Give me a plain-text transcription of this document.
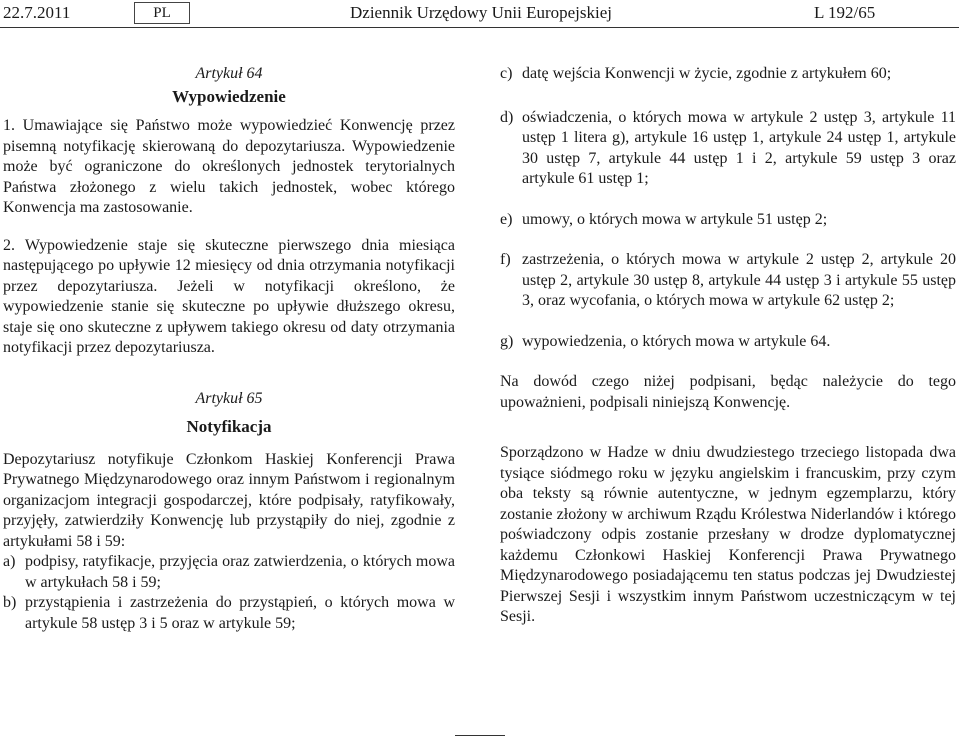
22.7.2011	PL	Dziennik Urzędowy Unii Europejskiej	L 192/65

Artykuł 64

Wypowiedzenie

1. Umawiające się Państwo może wypowiedzieć Konwencję przez pisemną notyfikację skierowaną do depozytariusza. Wypowiedzenie może być ograniczone do określonych jednostek terytorialnych Państwa złożonego z wielu takich jednostek, wobec którego Konwencja ma zastosowanie.

2. Wypowiedzenie staje się skuteczne pierwszego dnia miesiąca następującego po upływie 12 miesięcy od dnia otrzymania notyfikacji przez depozytariusza. Jeżeli w notyfikacji określono, że wypowiedzenie stanie się skuteczne po upływie dłuższego okresu, staje się ono skuteczne z upływem takiego okresu od daty otrzymania notyfikacji przez depozytariusza.

Artykuł 65

Notyfikacja

Depozytariusz notyfikuje Członkom Haskiej Konferencji Prawa Prywatnego Międzynarodowego oraz innym Państwom i regionalnym organizacjom integracji gospodarczej, które podpisały, ratyfikowały, przyjęły, zatwierdziły Konwencję lub przystąpiły do niej, zgodnie z artykułami 58 i 59:

a) podpisy, ratyfikacje, przyjęcia oraz zatwierdzenia, o których mowa w artykułach 58 i 59;
b) przystąpienia i zastrzeżenia do przystąpień, o których mowa w artykule 58 ustęp 3 i 5 oraz w artykule 59;
c) datę wejścia Konwencji w życie, zgodnie z artykułem 60;
d) oświadczenia, o których mowa w artykule 2 ustęp 3, artykule 11 ustęp 1 litera g), artykule 16 ustęp 1, artykule 24 ustęp 1, artykule 30 ustęp 7, artykule 44 ustęp 1 i 2, artykule 59 ustęp 3 oraz artykule 61 ustęp 1;
e) umowy, o których mowa w artykule 51 ustęp 2;
f) zastrzeżenia, o których mowa w artykule 2 ustęp 2, artykule 20 ustęp 2, artykule 30 ustęp 8, artykule 44 ustęp 3 i artykule 55 ustęp 3, oraz wycofania, o których mowa w artykule 62 ustęp 2;
g) wypowiedzenia, o których mowa w artykule 64.

Na dowód czego niżej podpisani, będąc należycie do tego upoważnieni, podpisali niniejszą Konwencję.

Sporządzono w Hadze w dniu dwudziestego trzeciego listopada dwa tysiące siódmego roku w języku angielskim i francuskim, przy czym oba teksty są równie autentyczne, w jednym egzemplarzu, który zostanie złożony w archiwum Rządu Królestwa Niderlandów i którego poświadczony odpis zostanie przesłany w drodze dyplomatycznej każdemu Członkowi Haskiej Konferencji Prawa Prywatnego Międzynarodowego posiadającemu ten status podczas jej Dwudziestej Pierwszej Sesji i wszystkim innym Państwom uczestniczącym w tej Sesji.
